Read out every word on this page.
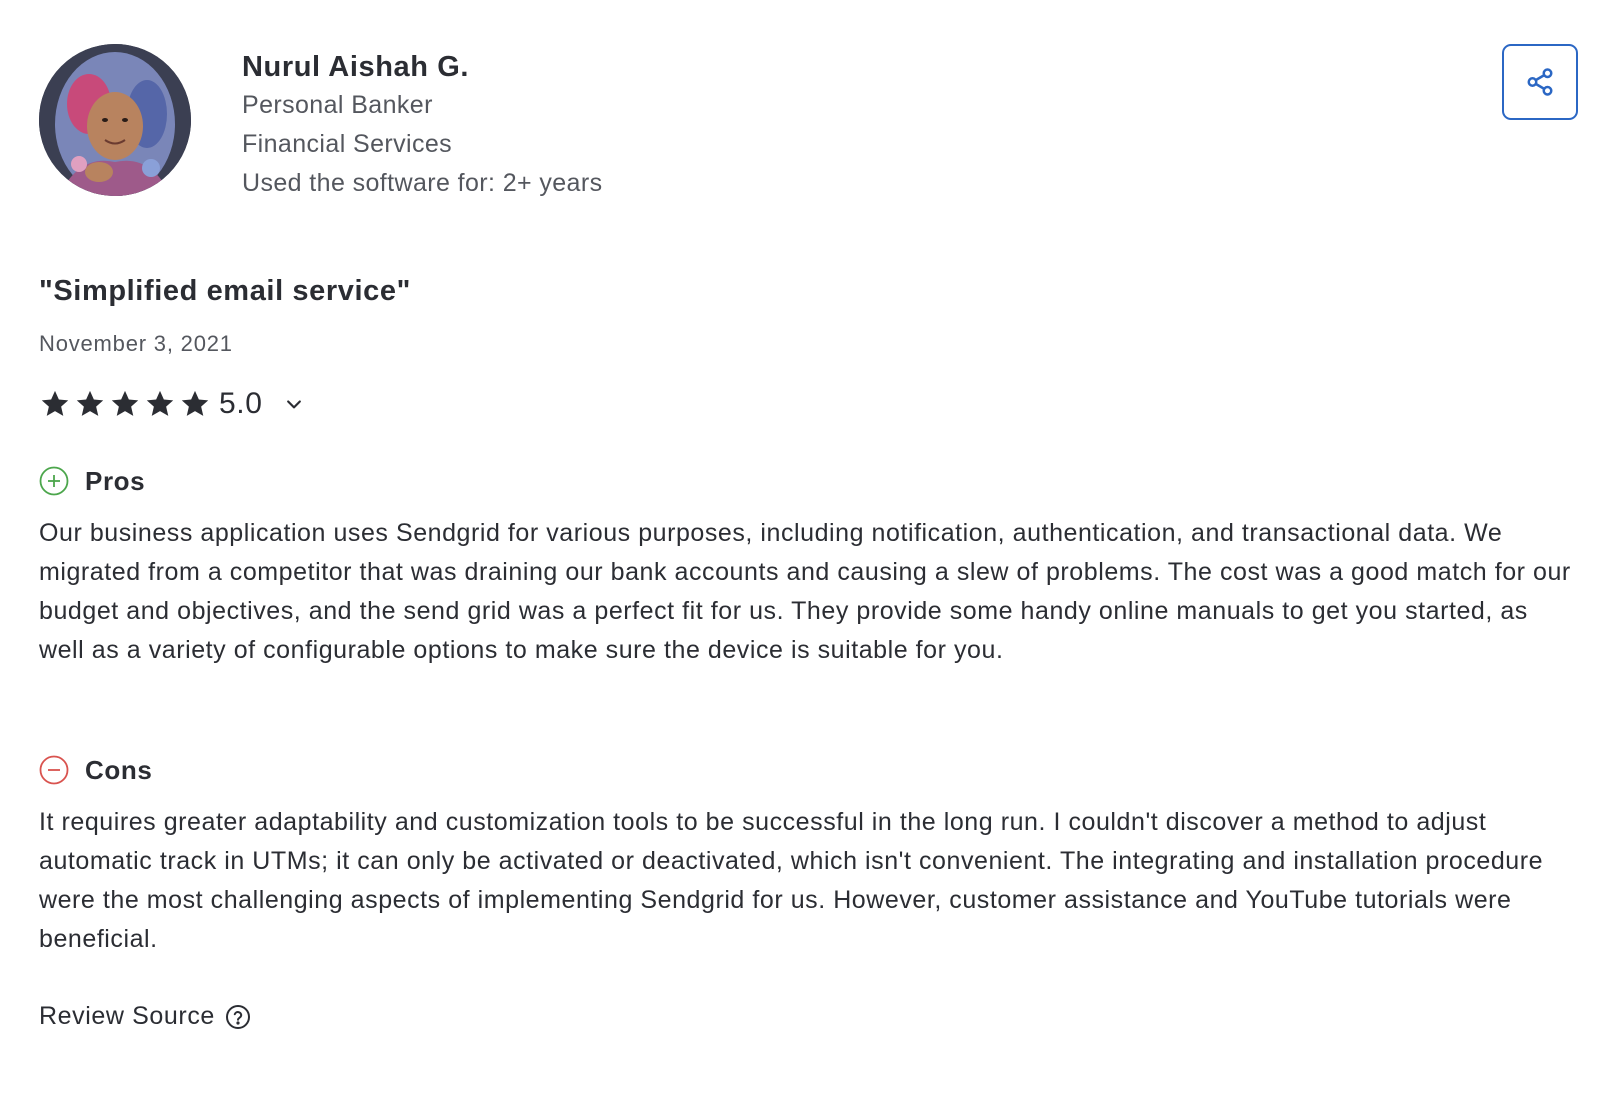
Nurul Aishah G.
Personal Banker
Financial Services
Used the software for: 2+ years
"Simplified email service"
November 3, 2021
5.0
Pros
Our business application uses Sendgrid for various purposes, including notification, authentication, and transactional data. We migrated from a competitor that was draining our bank accounts and causing a slew of problems. The cost was a good match for our budget and objectives, and the send grid was a perfect fit for us. They provide some handy online manuals to get you started, as well as a variety of configurable options to make sure the device is suitable for you.
Cons
It requires greater adaptability and customization tools to be successful in the long run. I couldn't discover a method to adjust automatic track in UTMs; it can only be activated or deactivated, which isn't convenient. The integrating and installation procedure were the most challenging aspects of implementing Sendgrid for us. However, customer assistance and YouTube tutorials were beneficial.
Review Source
